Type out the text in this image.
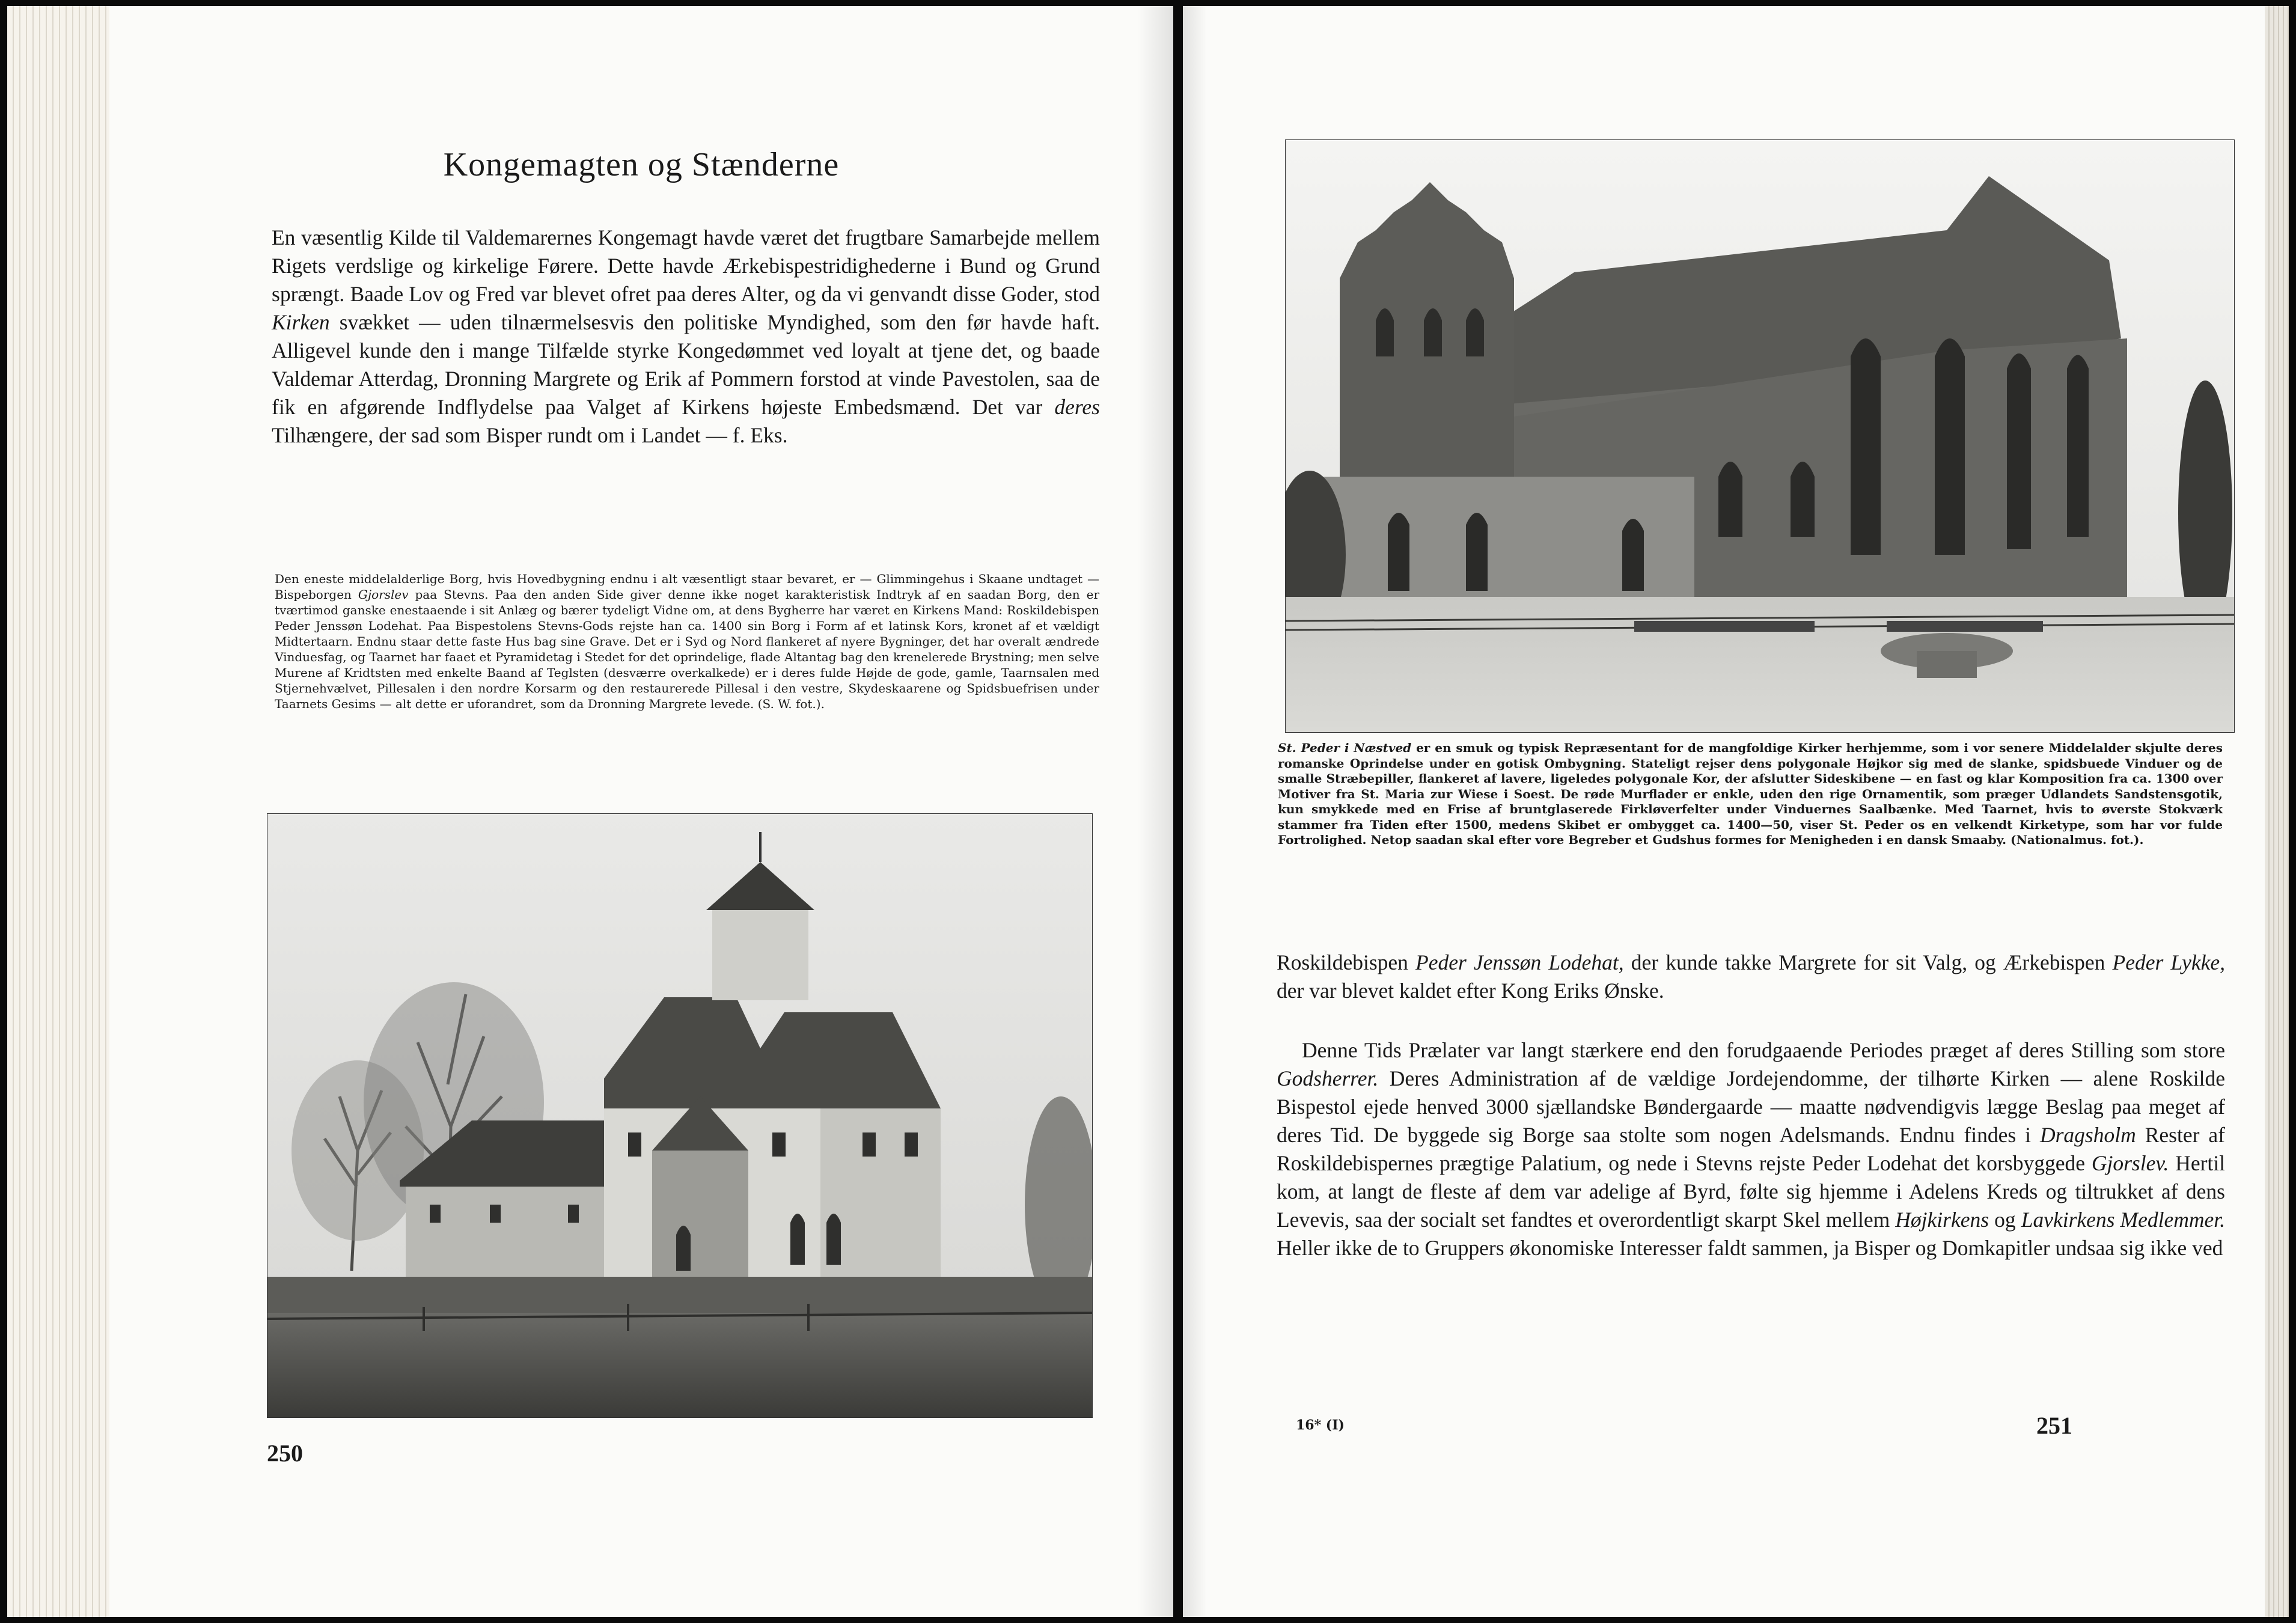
Kongemagten og Stænderne

En væsentlig Kilde til Valdemarernes Kongemagt havde været det frugtbare Samarbejde mellem Rigets verdslige og kirkelige Førere. Dette havde Ærkebispestridighederne i Bund og Grund sprængt. Baade Lov og Fred var blevet ofret paa deres Alter, og da vi genvandt disse Goder, stod Kirken svækket — uden tilnærmelsesvis den politiske Myndighed, som den før havde haft. Alligevel kunde den i mange Tilfælde styrke Kongedømmet ved loyalt at tjene det, og baade Valdemar Atterdag, Dronning Margrete og Erik af Pommern forstod at vinde Pavestolen, saa de fik en afgørende Indflydelse paa Valget af Kirkens højeste Embedsmænd. Det var deres Tilhængere, der sad som Bisper rundt om i Landet — f. Eks.

Den eneste middelalderlige Borg, hvis Hovedbygning endnu i alt væsentligt staar bevaret, er — Glimmingehus i Skaane undtaget — Bispeborgen Gjorslev paa Stevns. Paa den anden Side giver denne ikke noget karakteristisk Indtryk af en saadan Borg, den er tværtimod ganske enestaaende i sit Anlæg og bærer tydeligt Vidne om, at dens Bygherre har været en Kirkens Mand: Roskildebispen Peder Jenssøn Lodehat. Paa Bispestolens Stevns-Gods rejste han ca. 1400 sin Borg i Form af et latinsk Kors, kronet af et vældigt Midtertaarn. Endnu staar dette faste Hus bag sine Grave. Det er i Syd og Nord flankeret af nyere Bygninger, det har overalt ændrede Vinduesfag, og Taarnet har faaet et Pyramidetag i Stedet for det oprindelige, flade Altantag bag den krenelerede Brystning; men selve Murene af Kridtsten med enkelte Baand af Teglsten (desværre overkalkede) er i deres fulde Højde de gode, gamle, Taarnsalen med Stjernehvælvet, Pillesalen i den nordre Korsarm og den restaurerede Pillesal i den vestre, Skydeskaarene og Spidsbuefrisen under Taarnets Gesims — alt dette er uforandret, som da Dronning Margrete levede. (S. W. fot.).

250

St. Peder i Næstved er en smuk og typisk Repræsentant for de mangfoldige Kirker herhjemme, som i vor senere Middelalder skjulte deres romanske Oprindelse under en gotisk Ombygning. Stateligt rejser dens polygonale Højkor sig med de slanke, spidsbuede Vinduer og de smalle Stræbepiller, flankeret af lavere, ligeledes polygonale Kor, der afslutter Sideskibene — en fast og klar Komposition fra ca. 1300 over Motiver fra St. Maria zur Wiese i Soest. De røde Murflader er enkle, uden den rige Ornamentik, som præger Udlandets Sandstensgotik, kun smykkede med en Frise af bruntglaserede Firkløverfelter under Vinduernes Saalbænke. Med Taarnet, hvis to øverste Stokværk stammer fra Tiden efter 1500, medens Skibet er ombygget ca. 1400—50, viser St. Peder os en velkendt Kirketype, som har vor fulde Fortrolighed. Netop saadan skal efter vore Begreber et Gudshus formes for Menigheden i en dansk Smaaby. (Nationalmus. fot.).

Roskildebispen Peder Jenssøn Lodehat, der kunde takke Margrete for sit Valg, og Ærkebispen Peder Lykke, der var blevet kaldet efter Kong Eriks Ønske.

Denne Tids Prælater var langt stærkere end den forudgaaende Periodes præget af deres Stilling som store Godsherrer. Deres Administration af de vældige Jordejendomme, der tilhørte Kirken — alene Roskilde Bispestol ejede henved 3000 sjællandske Bøndergaarde — maatte nødvendigvis lægge Beslag paa meget af deres Tid. De byggede sig Borge saa stolte som nogen Adelsmands. Endnu findes i Dragsholm Rester af Roskildebispernes prægtige Palatium, og nede i Stevns rejste Peder Lodehat det korsbyggede Gjorslev. Hertil kom, at langt de fleste af dem var adelige af Byrd, følte sig hjemme i Adelens Kreds og tiltrukket af dens Levevis, saa der socialt set fandtes et overordentligt skarpt Skel mellem Højkirkens og Lavkirkens Medlemmer. Heller ikke de to Gruppers økonomiske Interesser faldt sammen, ja Bisper og Domkapitler undsaa sig ikke ved

16* (I)	251
